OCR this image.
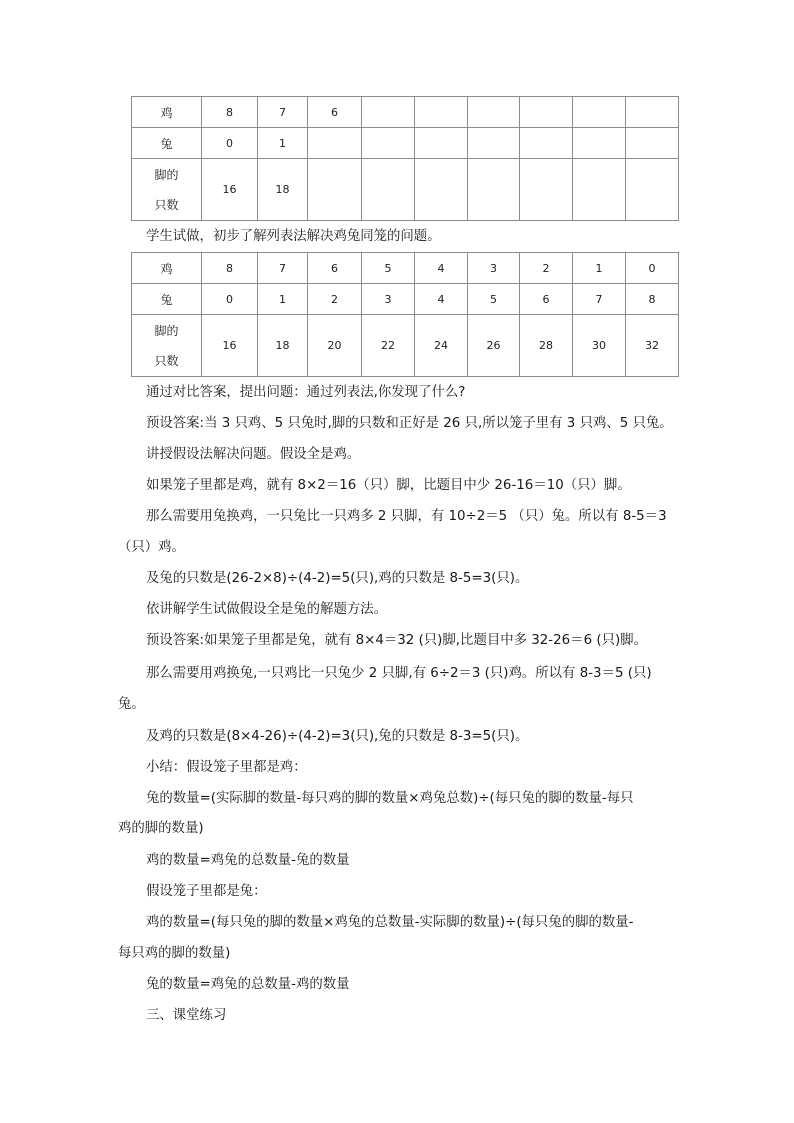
鸡	8	7	6						
兔	0	1							
脚的
只数	16	18							
学生试做，初步了解列表法解决鸡兔同笼的问题。
鸡	8	7	6	5	4	3	2	1	0
兔	0	1	2	3	4	5	6	7	8
脚的
只数	16	18	20	22	24	26	28	30	32
通过对比答案，提出问题：通过列表法,你发现了什么?
预设答案:当 3 只鸡、5 只兔时,脚的只数和正好是 26 只,所以笼子里有 3 只鸡、5 只兔。
讲授假设法解决问题。假设全是鸡。
如果笼子里都是鸡，就有 8×2＝16（只）脚，比题目中少 26-16＝10（只）脚。
那么需要用兔换鸡，一只兔比一只鸡多 2 只脚，有 10÷2＝5 （只）兔。所以有 8-5＝3
（只）鸡。
及兔的只数是(26-2×8)÷(4-2)=5(只),鸡的只数是 8-5=3(只)。
依讲解学生试做假设全是兔的解题方法。
预设答案:如果笼子里都是兔，就有 8×4＝32 (只)脚,比题目中多 32-26＝6 (只)脚。
那么需要用鸡换兔,一只鸡比一只兔少 2 只脚,有 6÷2＝3 (只)鸡。所以有 8-3＝5 (只)
兔。
及鸡的只数是(8×4-26)÷(4-2)=3(只),兔的只数是 8-3=5(只)。
小结：假设笼子里都是鸡：
兔的数量=(实际脚的数量-每只鸡的脚的数量×鸡兔总数)÷(每只兔的脚的数量-每只
鸡的脚的数量)
鸡的数量=鸡兔的总数量-兔的数量
假设笼子里都是兔：
鸡的数量=(每只兔的脚的数量×鸡兔的总数量-实际脚的数量)÷(每只兔的脚的数量-
每只鸡的脚的数量)
兔的数量=鸡兔的总数量-鸡的数量
三、课堂练习
